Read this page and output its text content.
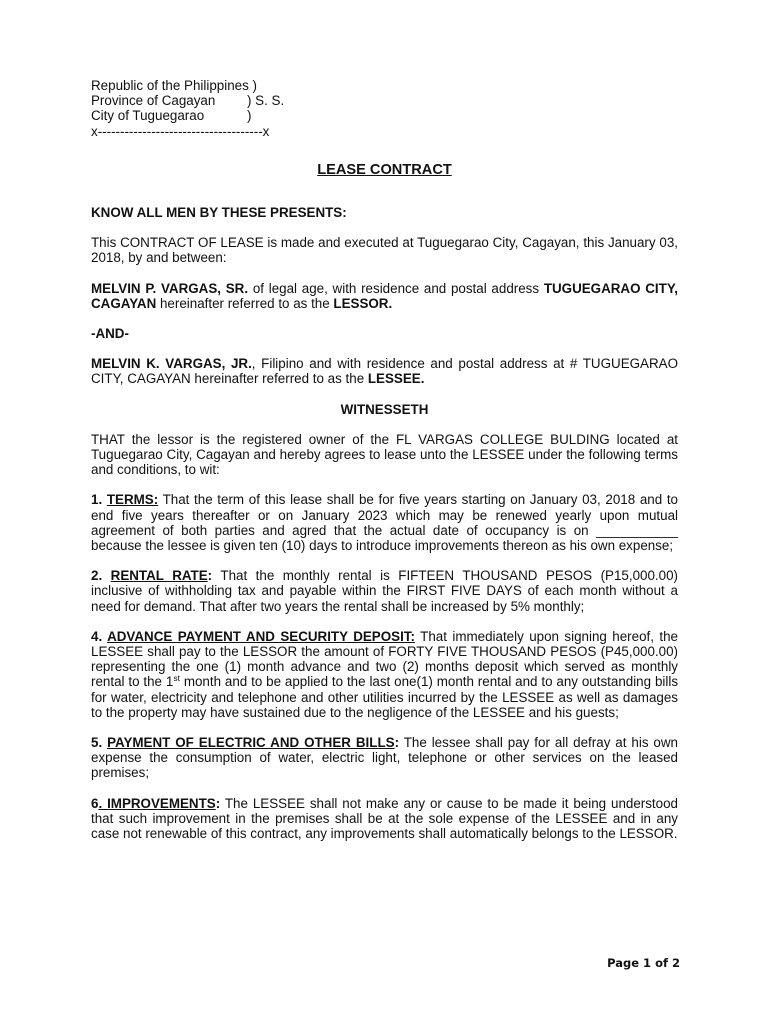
Republic of the Philippines )
Province of Cagayan ) S. S.
City of Tuguegarao	)
x-------------------------------------x
LEASE CONTRACT

KNOW ALL MEN BY THESE PRESENTS:

This CONTRACT OF LEASE is made and executed at Tuguegarao City, Cagayan, this January 03, 2018, by and between:

MELVIN P. VARGAS, SR. of legal age, with residence and postal address TUGUEGARAO CITY, CAGAYAN hereinafter referred to as the LESSOR.

-AND-

MELVIN K. VARGAS, JR., Filipino and with residence and postal address at # TUGUEGARAO CITY, CAGAYAN hereinafter referred to as the LESSEE.

WITNESSETH

THAT the lessor is the registered owner of the FL VARGAS COLLEGE BULDING located at Tuguegarao City, Cagayan and hereby agrees to lease unto the LESSEE under the following terms and conditions, to wit:

1. TERMS: That the term of this lease shall be for five years starting on January 03, 2018 and to end five years thereafter or on January 2023 which may be renewed yearly upon mutual agreement of both parties and agred that the actual date of occupancy is on ___________ because the lessee is given ten (10) days to introduce improvements thereon as his own expense;

2. RENTAL RATE: That the monthly rental is FIFTEEN THOUSAND PESOS (P15,000.00) inclusive of withholding tax and payable within the FIRST FIVE DAYS of each month without a need for demand. That after two years the rental shall be increased by 5% monthly;

4. ADVANCE PAYMENT AND SECURITY DEPOSIT: That immediately upon signing hereof, the LESSEE shall pay to the LESSOR the amount of FORTY FIVE THOUSAND PESOS (P45,000.00) representing the one (1) month advance and two (2) months deposit which served as monthly rental to the 1st month and to be applied to the last one(1) month rental and to any outstanding bills for water, electricity and telephone and other utilities incurred by the LESSEE as well as damages to the property may have sustained due to the negligence of the LESSEE and his guests;

5. PAYMENT OF ELECTRIC AND OTHER BILLS: The lessee shall pay for all defray at his own expense the consumption of water, electric light, telephone or other services on the leased premises;

6. IMPROVEMENTS: The LESSEE shall not make any or cause to be made it being understood that such improvement in the premises shall be at the sole expense of the LESSEE and in any case not renewable of this contract, any improvements shall automatically belongs to the LESSOR.

Page 1 of 2
